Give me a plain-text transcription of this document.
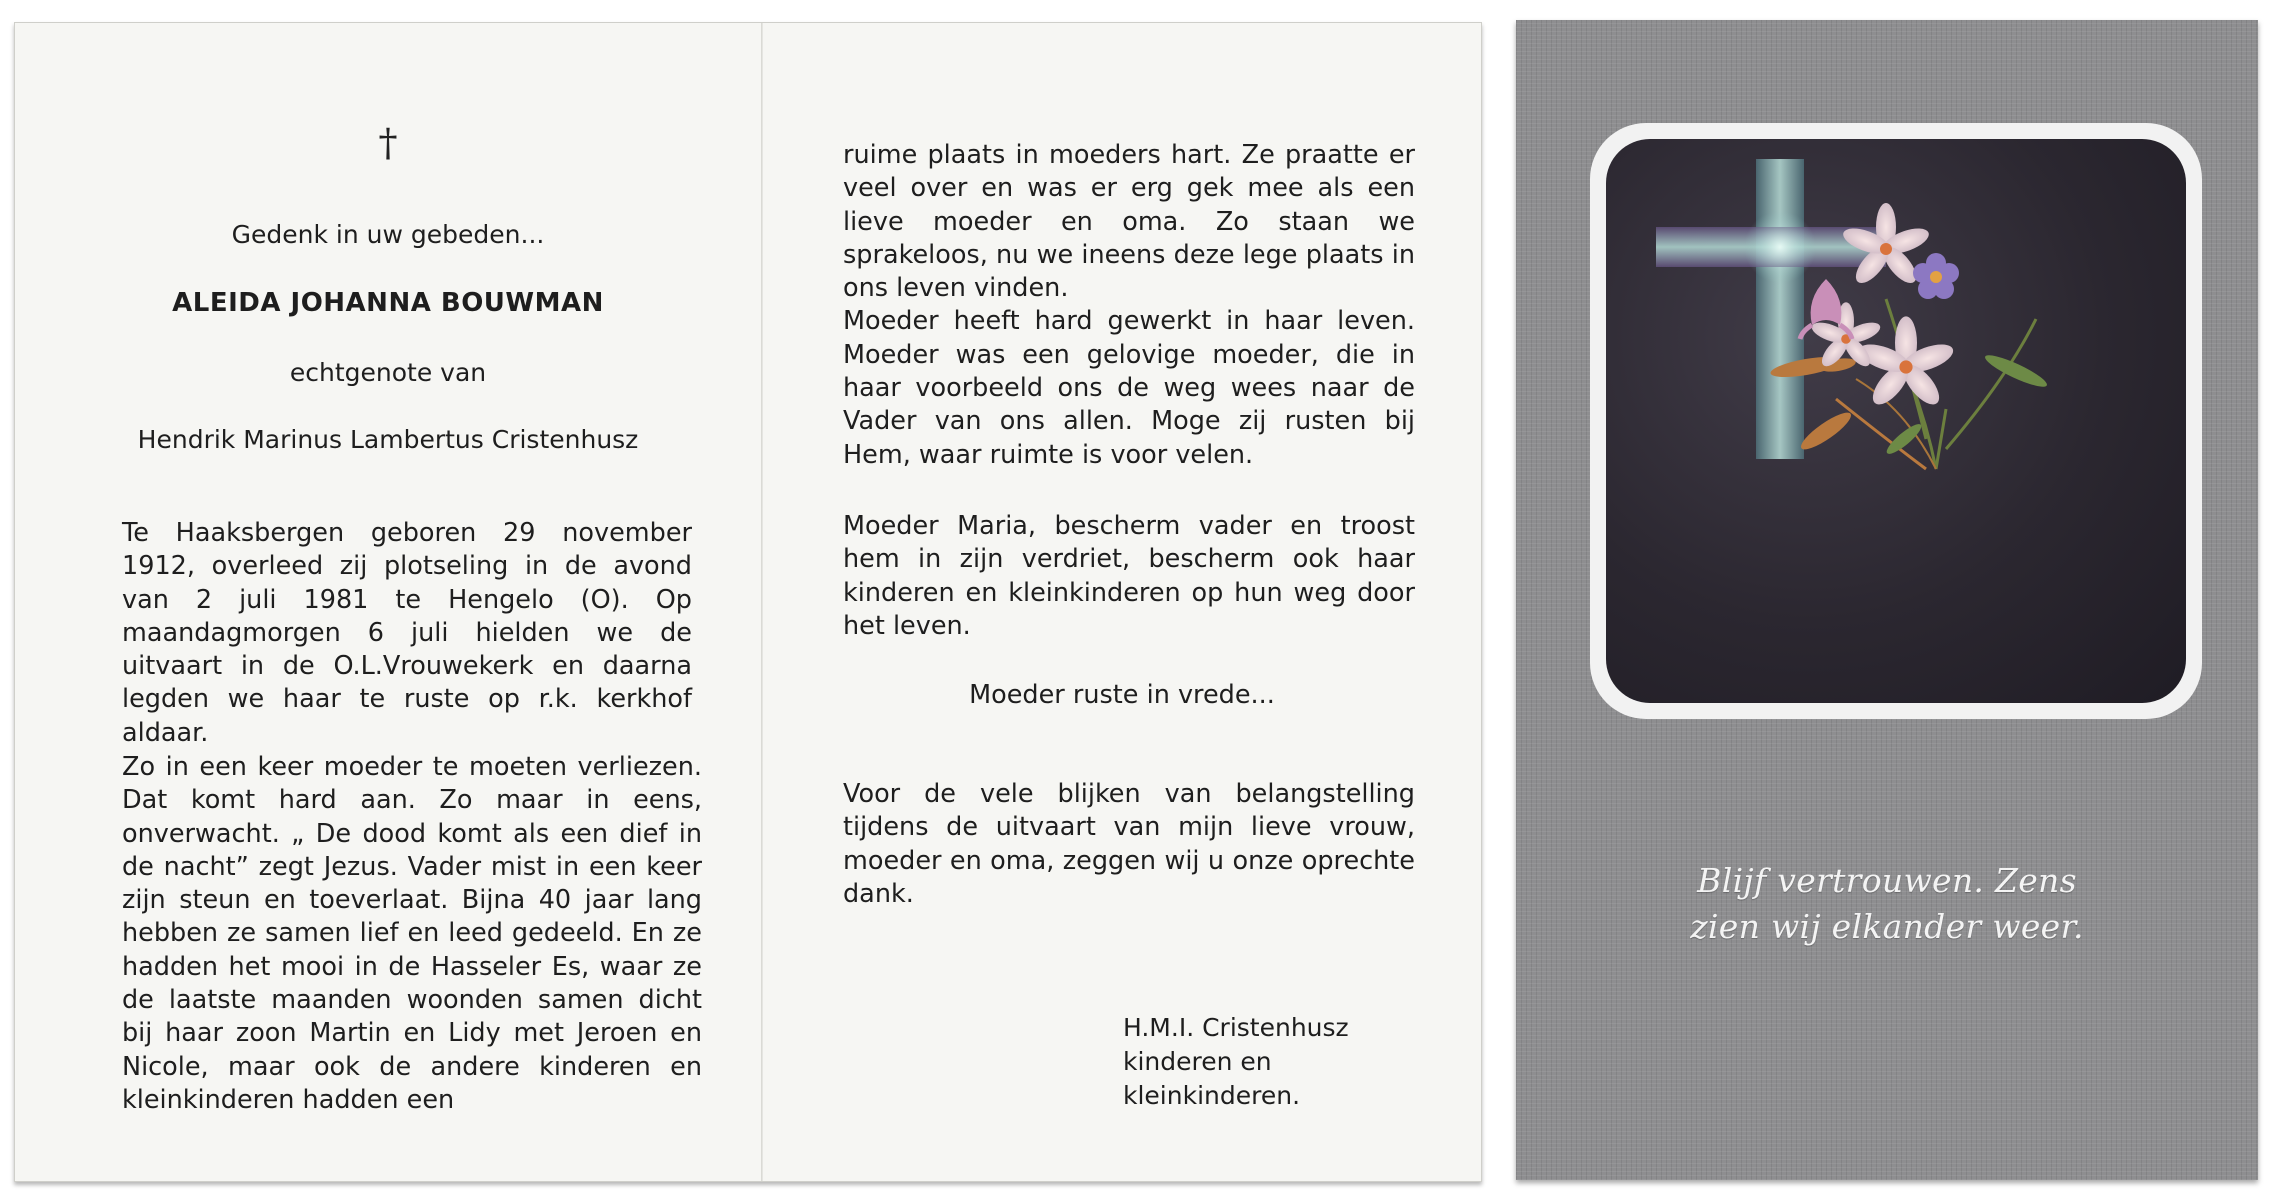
†
Gedenk in uw gebeden...
ALEIDA JOHANNA BOUWMAN
echtgenote van
Hendrik Marinus Lambertus Cristenhusz

Te Haaksbergen geboren 29 november 1912, overleed zij plotseling in de avond van 2 juli 1981 te Hengelo (O). Op maandagmorgen 6 juli hielden we de uitvaart in de O.L.Vrouwekerk en daarna legden we haar te ruste op r.k. kerkhof aldaar.

Zo in een keer moeder te moeten verliezen. Dat komt hard aan. Zo maar in eens, onverwacht. „ De dood komt als een dief in de nacht” zegt Jezus. Vader mist in een keer zijn steun en toeverlaat. Bijna 40 jaar lang hebben ze samen lief en leed gedeeld. En ze hadden het mooi in de Hasseler Es, waar ze de laatste maanden woonden samen dicht bij haar zoon Martin en Lidy met Jeroen en Nicole, maar ook de andere kinderen en kleinkinderen hadden een

ruime plaats in moeders hart. Ze praatte er veel over en was er erg gek mee als een lieve moeder en oma. Zo staan we sprakeloos, nu we ineens deze lege plaats in ons leven vinden.

Moeder heeft hard gewerkt in haar leven. Moeder was een gelovige moeder, die in haar voorbeeld ons de weg wees naar de Vader van ons allen. Moge zij rusten bij Hem, waar ruimte is voor velen.

Moeder Maria, bescherm vader en troost hem in zijn verdriet, bescherm ook haar kinderen en kleinkinderen op hun weg door het leven.

Moeder ruste in vrede...

Voor de vele blijken van belangstelling tijdens de uitvaart van mijn lieve vrouw, moeder en oma, zeggen wij u onze oprechte dank.

H.M.I. Cristenhusz
kinderen en
kleinkinderen.
Blijf vertrouwen. Zens
zien wij elkander weer.
